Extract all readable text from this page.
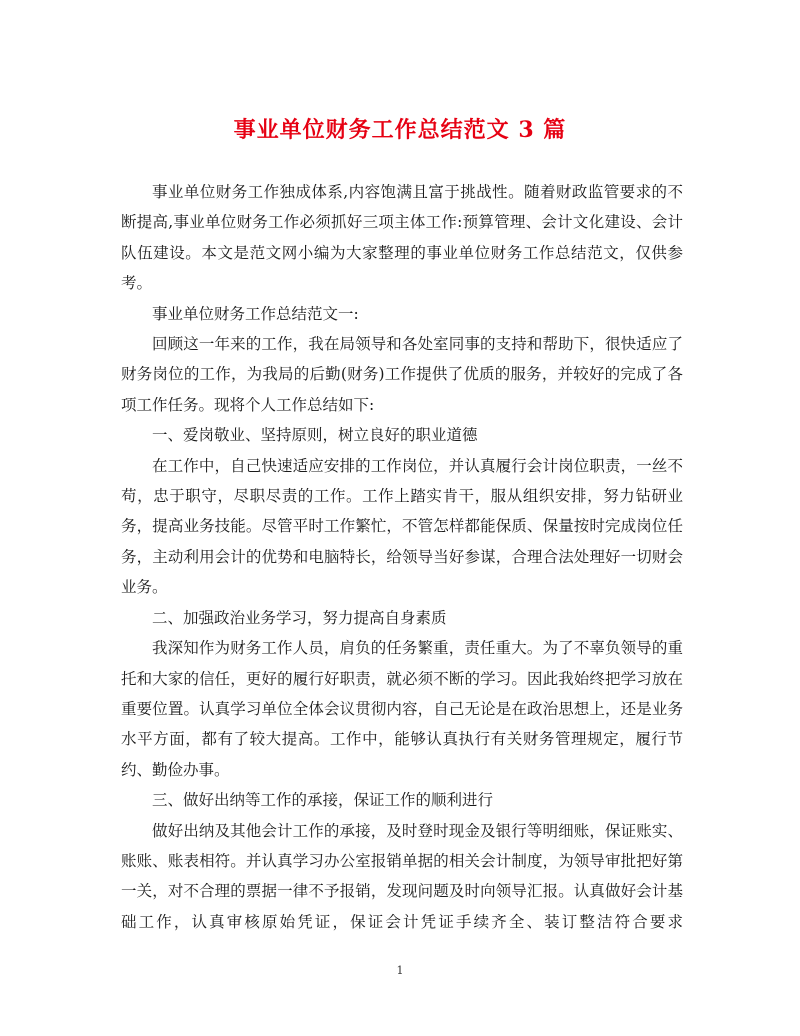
事业单位财务工作总结范文 3 篇

事业单位财务工作独成体系,内容饱满且富于挑战性。随着财政监管要求的不断提高,事业单位财务工作必须抓好三项主体工作:预算管理、会计文化建设、会计队伍建设。本文是范文网小编为大家整理的事业单位财务工作总结范文，仅供参考。

事业单位财务工作总结范文一:

回顾这一年来的工作，我在局领导和各处室同事的支持和帮助下，很快适应了财务岗位的工作，为我局的后勤(财务)工作提供了优质的服务，并较好的完成了各项工作任务。现将个人工作总结如下:

一、爱岗敬业、坚持原则，树立良好的职业道德

在工作中，自己快速适应安排的工作岗位，并认真履行会计岗位职责，一丝不苟，忠于职守，尽职尽责的工作。工作上踏实肯干，服从组织安排，努力钻研业务，提高业务技能。尽管平时工作繁忙，不管怎样都能保质、保量按时完成岗位任务，主动利用会计的优势和电脑特长，给领导当好参谋，合理合法处理好一切财会业务。

二、加强政治业务学习，努力提高自身素质

我深知作为财务工作人员，肩负的任务繁重，责任重大。为了不辜负领导的重托和大家的信任，更好的履行好职责，就必须不断的学习。因此我始终把学习放在重要位置。认真学习单位全体会议贯彻内容，自己无论是在政治思想上，还是业务水平方面，都有了较大提高。工作中，能够认真执行有关财务管理规定，履行节约、勤俭办事。

三、做好出纳等工作的承接，保证工作的顺利进行

做好出纳及其他会计工作的承接，及时登时现金及银行等明细账，保证账实、账账、账表相符。并认真学习办公室报销单据的相关会计制度，为领导审批把好第一关，对不合理的票据一律不予报销，发现问题及时向领导汇报。认真做好会计基础工作，认真审核原始凭证，保证会计凭证手续齐全、装订整洁符合要求

1
